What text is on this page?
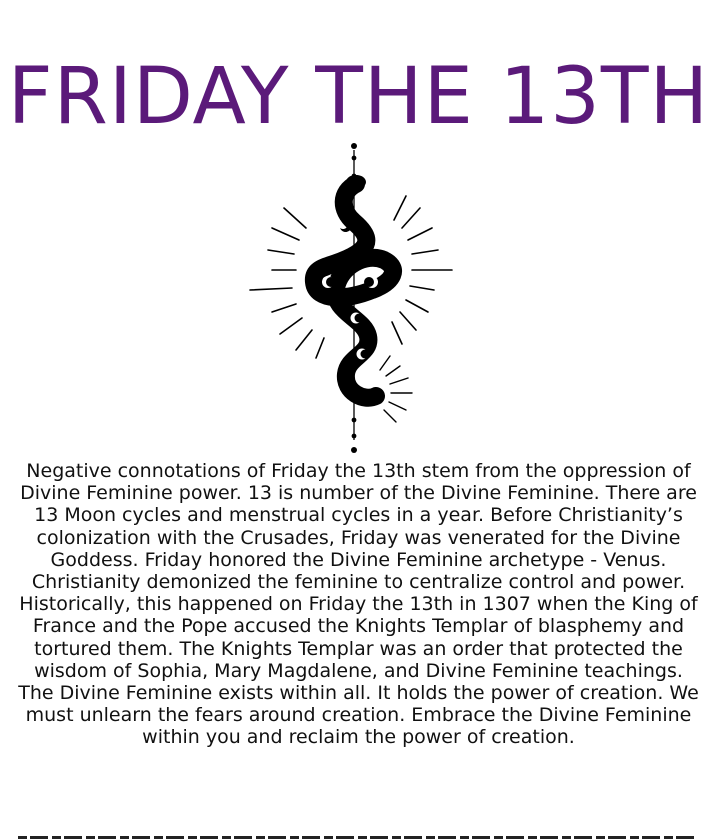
FRIDAY THE 13TH

Negative connotations of Friday the 13th stem from the oppression of Divine Feminine power. 13 is number of the Divine Feminine. There are 13 Moon cycles and menstrual cycles in a year. Before Christianity’s colonization with the Crusades, Friday was venerated for the Divine Goddess. Friday honored the Divine Feminine archetype - Venus. Christianity demonized the feminine to centralize control and power. Historically, this happened on Friday the 13th in 1307 when the King of France and the Pope accused the Knights Templar of blasphemy and tortured them. The Knights Templar was an order that protected the wisdom of Sophia, Mary Magdalene, and Divine Feminine teachings. The Divine Feminine exists within all. It holds the power of creation. We must unlearn the fears around creation. Embrace the Divine Feminine within you and reclaim the power of creation.
